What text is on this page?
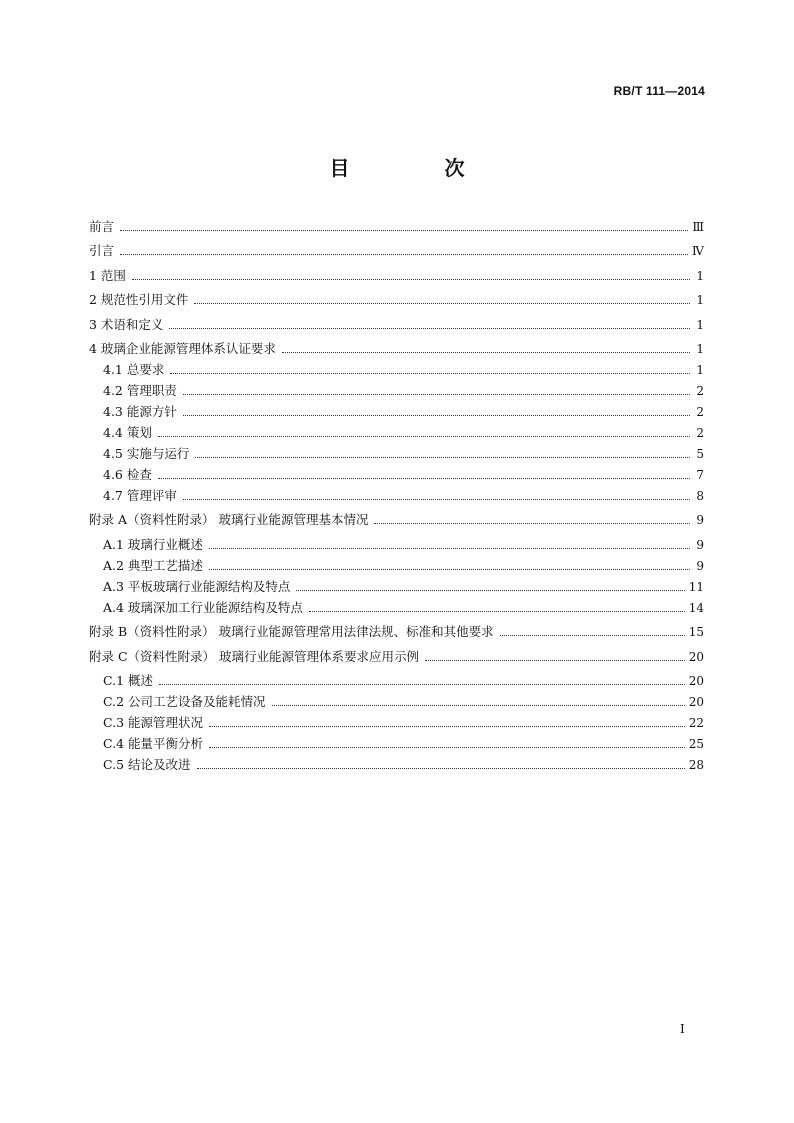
RB/T 111—2014
目 次
前言	Ⅲ
引言	Ⅳ
1 范围	1
2 规范性引用文件	1
3 术语和定义	1
4 玻璃企业能源管理体系认证要求	1
4.1 总要求	1
4.2 管理职责	2
4.3 能源方针	2
4.4 策划	2
4.5 实施与运行	5
4.6 检查	7
4.7 管理评审	8
附录 A（资料性附录） 玻璃行业能源管理基本情况	9
A.1 玻璃行业概述	9
A.2 典型工艺描述	9
A.3 平板玻璃行业能源结构及特点	11
A.4 玻璃深加工行业能源结构及特点	14
附录 B（资料性附录） 玻璃行业能源管理常用法律法规、标准和其他要求	15
附录 C（资料性附录） 玻璃行业能源管理体系要求应用示例	20
C.1 概述	20
C.2 公司工艺设备及能耗情况	20
C.3 能源管理状况	22
C.4 能量平衡分析	25
C.5 结论及改进	28
I
